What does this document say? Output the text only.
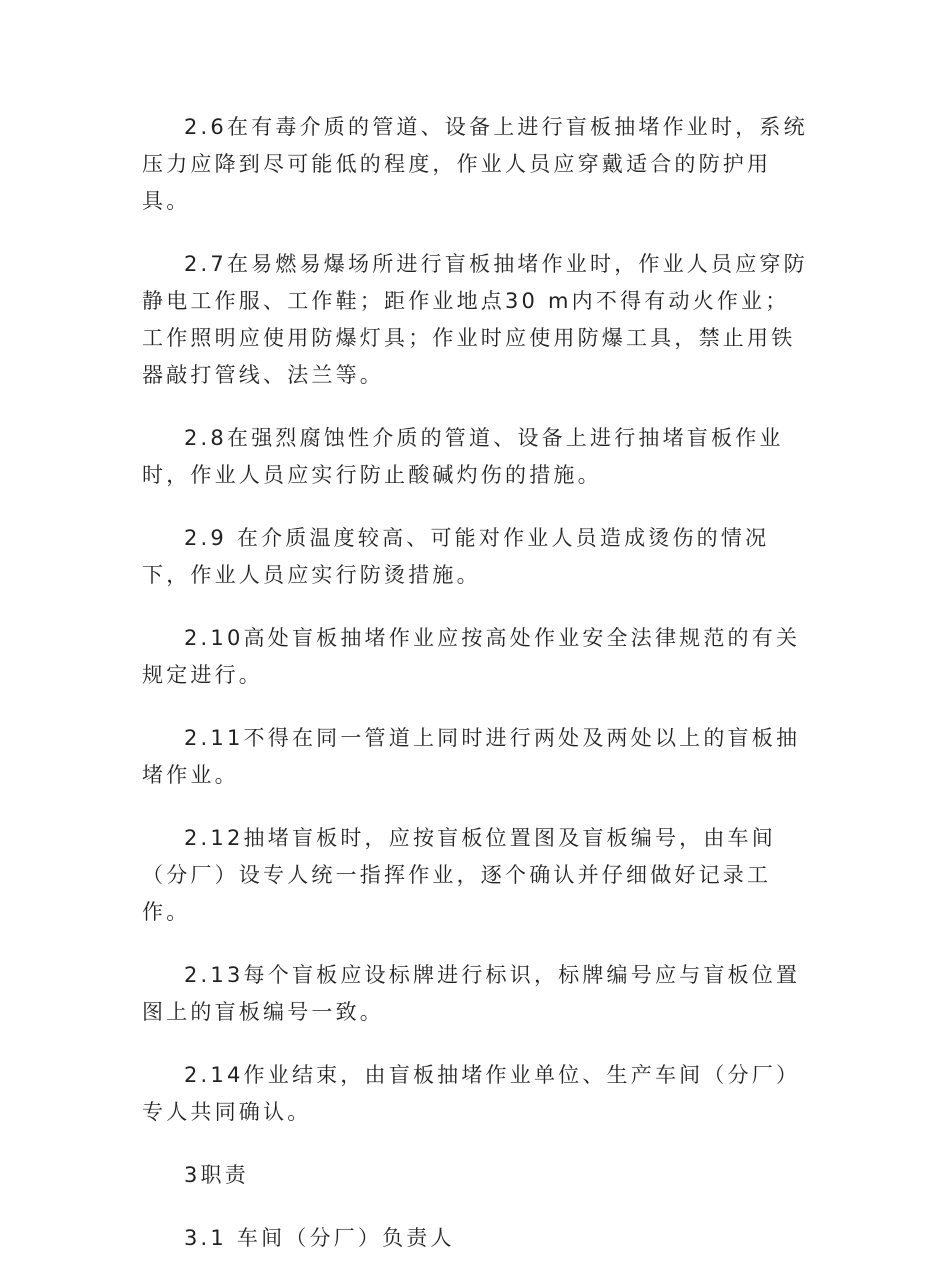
2.6在有毒介质的管道、设备上进行盲板抽堵作业时，系统压力应降到尽可能低的程度，作业人员应穿戴适合的防护用具。

2.7在易燃易爆场所进行盲板抽堵作业时，作业人员应穿防静电工作服、工作鞋；距作业地点30 m内不得有动火作业；工作照明应使用防爆灯具；作业时应使用防爆工具，禁止用铁器敲打管线、法兰等。

2.8在强烈腐蚀性介质的管道、设备上进行抽堵盲板作业时，作业人员应实行防止酸碱灼伤的措施。

2.9 在介质温度较高、可能对作业人员造成烫伤的情况下，作业人员应实行防烫措施。

2.10高处盲板抽堵作业应按高处作业安全法律规范的有关规定进行。

2.11不得在同一管道上同时进行两处及两处以上的盲板抽堵作业。

2.12抽堵盲板时，应按盲板位置图及盲板编号，由车间（分厂）设专人统一指挥作业，逐个确认并仔细做好记录工作。

2.13每个盲板应设标牌进行标识，标牌编号应与盲板位置图上的盲板编号一致。

2.14作业结束，由盲板抽堵作业单位、生产车间（分厂）专人共同确认。

3职责

3.1 车间（分厂）负责人
